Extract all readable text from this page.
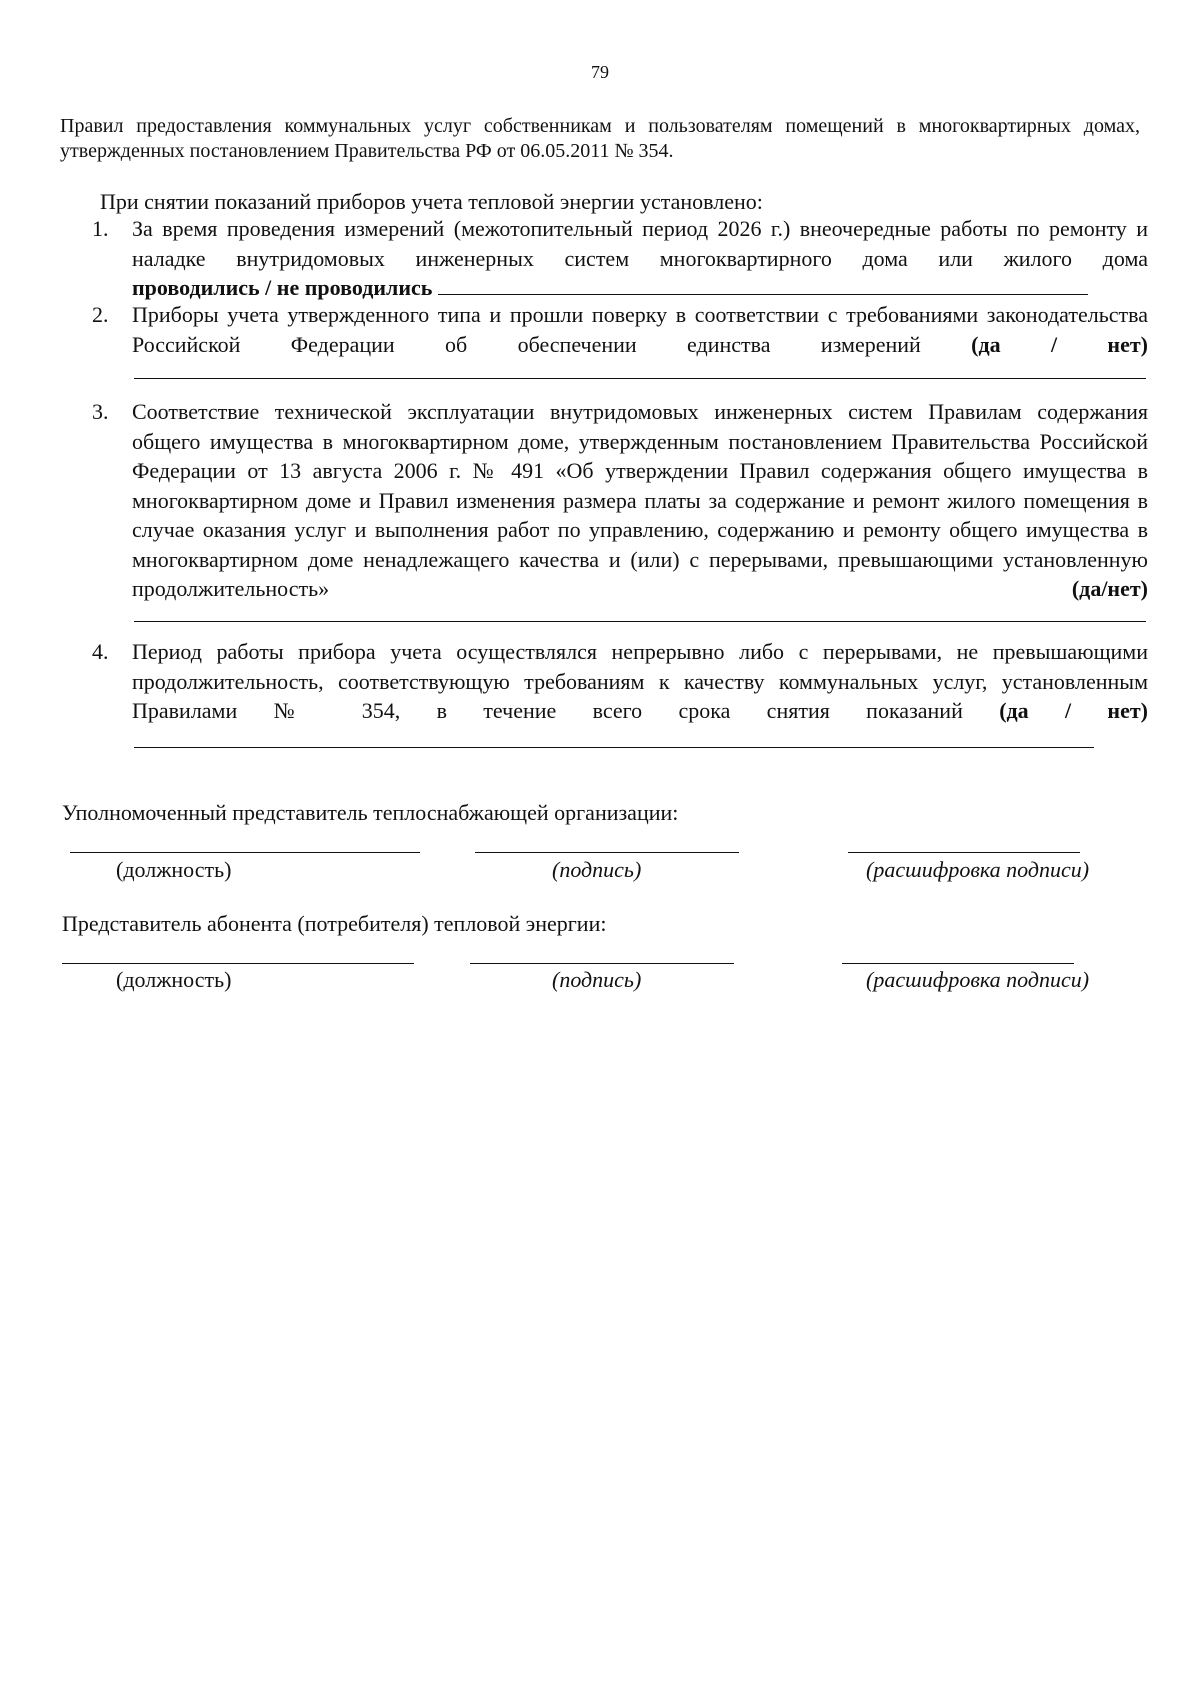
79
Правил предоставления коммунальных услуг собственникам и пользователям помещений в многоквартирных домах, утвержденных постановлением Правительства РФ от 06.05.2011 № 354.
При снятии показаний приборов учета тепловой энергии установлено:
1.	За время проведения измерений (межотопительный период 2026 г.) внеочередные работы по ремонту и наладке внутридомовых инженерных систем многоквартирного дома или жилого дома
проводились / не проводились
2.	Приборы учета утвержденного типа и прошли поверку в соответствии с требованиями законодательства Российской Федерации об обеспечении единства измерений (да / нет)
3.	Соответствие технической эксплуатации внутридомовых инженерных систем Правилам содержания общего имущества в многоквартирном доме, утвержденным постановлением Правительства Российской Федерации от 13 августа 2006 г. № 491 «Об утверждении Правил содержания общего имущества в многоквартирном доме и Правил изменения размера платы за содержание и ремонт жилого помещения в случае оказания услуг и выполнения работ по управлению, содержанию и ремонту общего имущества в многоквартирном доме ненадлежащего качества и (или) с перерывами, превышающими установленную продолжительность»	(да/нет)
4.	Период работы прибора учета осуществлялся непрерывно либо с перерывами, не превышающими продолжительность, соответствующую требованиям к качеству коммунальных услуг, установленным Правилами № 354, в течение всего срока снятия показаний (да / нет)
Уполномоченный представитель теплоснабжающей организации:
(должность)	(подпись)	(расшифровка подписи)
Представитель абонента (потребителя) тепловой энергии:
(должность)	(подпись)	(расшифровка подписи)
